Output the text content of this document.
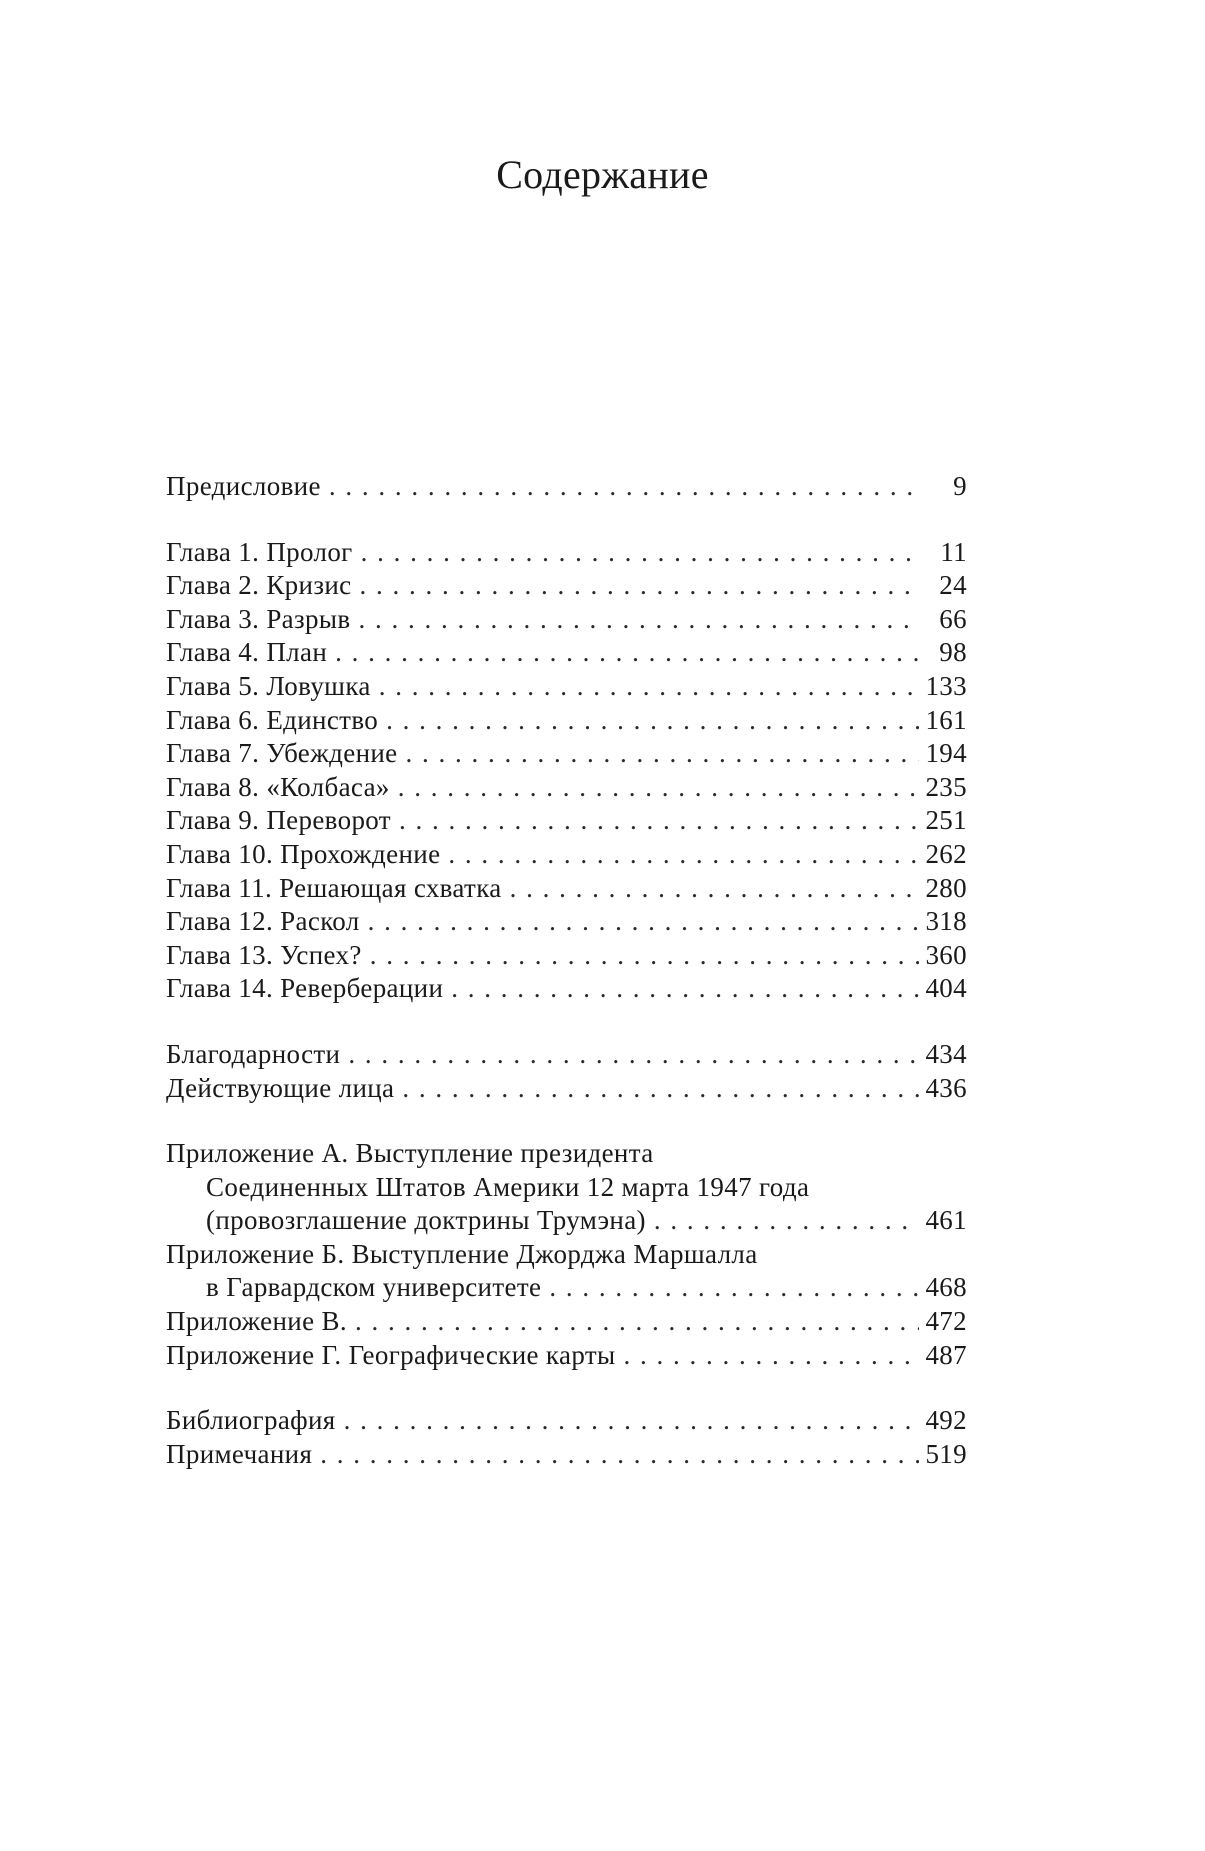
Содержание
Предисловие . . .	9
Глава 1. Пролог . . .	11
Глава 2. Кризис . . .	24
Глава 3. Разрыв . . .	66
Глава 4. План . . .	98
Глава 5. Ловушка . . .	133
Глава 6. Единство . . .	161
Глава 7. Убеждение . . .	194
Глава 8. «Колбаса» . . .	235
Глава 9. Переворот . . .	251
Глава 10. Прохождение . . .	262
Глава 11. Решающая схватка . . .	280
Глава 12. Раскол . . .	318
Глава 13. Успех? . . .	360
Глава 14. Реверберации . . .	404
Благодарности . . .	434
Действующие лица . . .	436
Приложение А. Выступление президента
Соединенных Штатов Америки 12 марта 1947 года
(провозглашение доктрины Трумэна) . . .	461
Приложение Б. Выступление Джорджа Маршалла
в Гарвардском университете . . .	468
Приложение В. . . .	472
Приложение Г. Географические карты . . .	487
Библиография . . .	492
Примечания . . .	519
